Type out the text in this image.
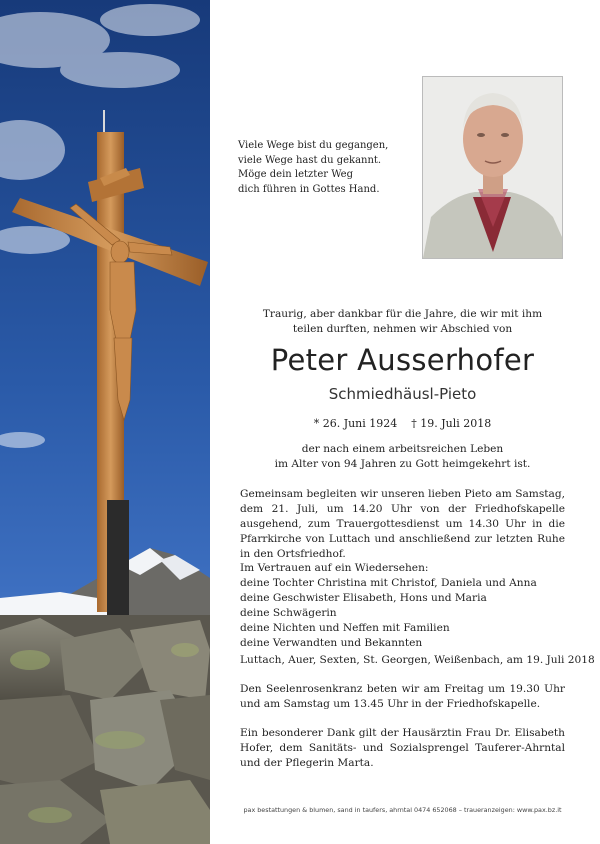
Viele Wege bist du gegangen,
viele Wege hast du gekannt.
Möge dein letzter Weg
dich führen in Gottes Hand.
Traurig, aber dankbar für die Jahre, die wir mit ihm
teilen durften, nehmen wir Abschied von
Peter Ausserhofer
Schmiedhäusl-Pieto
* 26. Juni 1924 † 19. Juli 2018
der nach einem arbeitsreichen Leben
im Alter von 94 Jahren zu Gott heimgekehrt ist.
Gemeinsam begleiten wir unseren lieben Pieto am Samstag, dem 21. Juli, um 14.20 Uhr von der Friedhofskapelle ausgehend, zum Trauergottesdienst um 14.30 Uhr in die Pfarrkirche von Luttach und anschließend zur letzten Ruhe in den Ortsfriedhof.
Im Vertrauen auf ein Wiedersehen:
deine Tochter Christina mit Christof, Daniela und Anna
deine Geschwister Elisabeth, Hons und Maria
deine Schwägerin
deine Nichten und Neffen mit Familien
deine Verwandten und Bekannten
Luttach, Auer, Sexten, St. Georgen, Weißenbach, am 19. Juli 2018
Den Seelenrosenkranz beten wir am Freitag um 19.30 Uhr und am Samstag um 13.45 Uhr in der Friedhofskapelle.
Ein besonderer Dank gilt der Hausärztin Frau Dr. Elisabeth Hofer, dem Sanitäts- und Sozialsprengel Tauferer-Ahrntal und der Pflegerin Marta.
pax bestattungen & blumen, sand in taufers, ahrntal 0474 652068 – traueranzeigen: www.pax.bz.it
